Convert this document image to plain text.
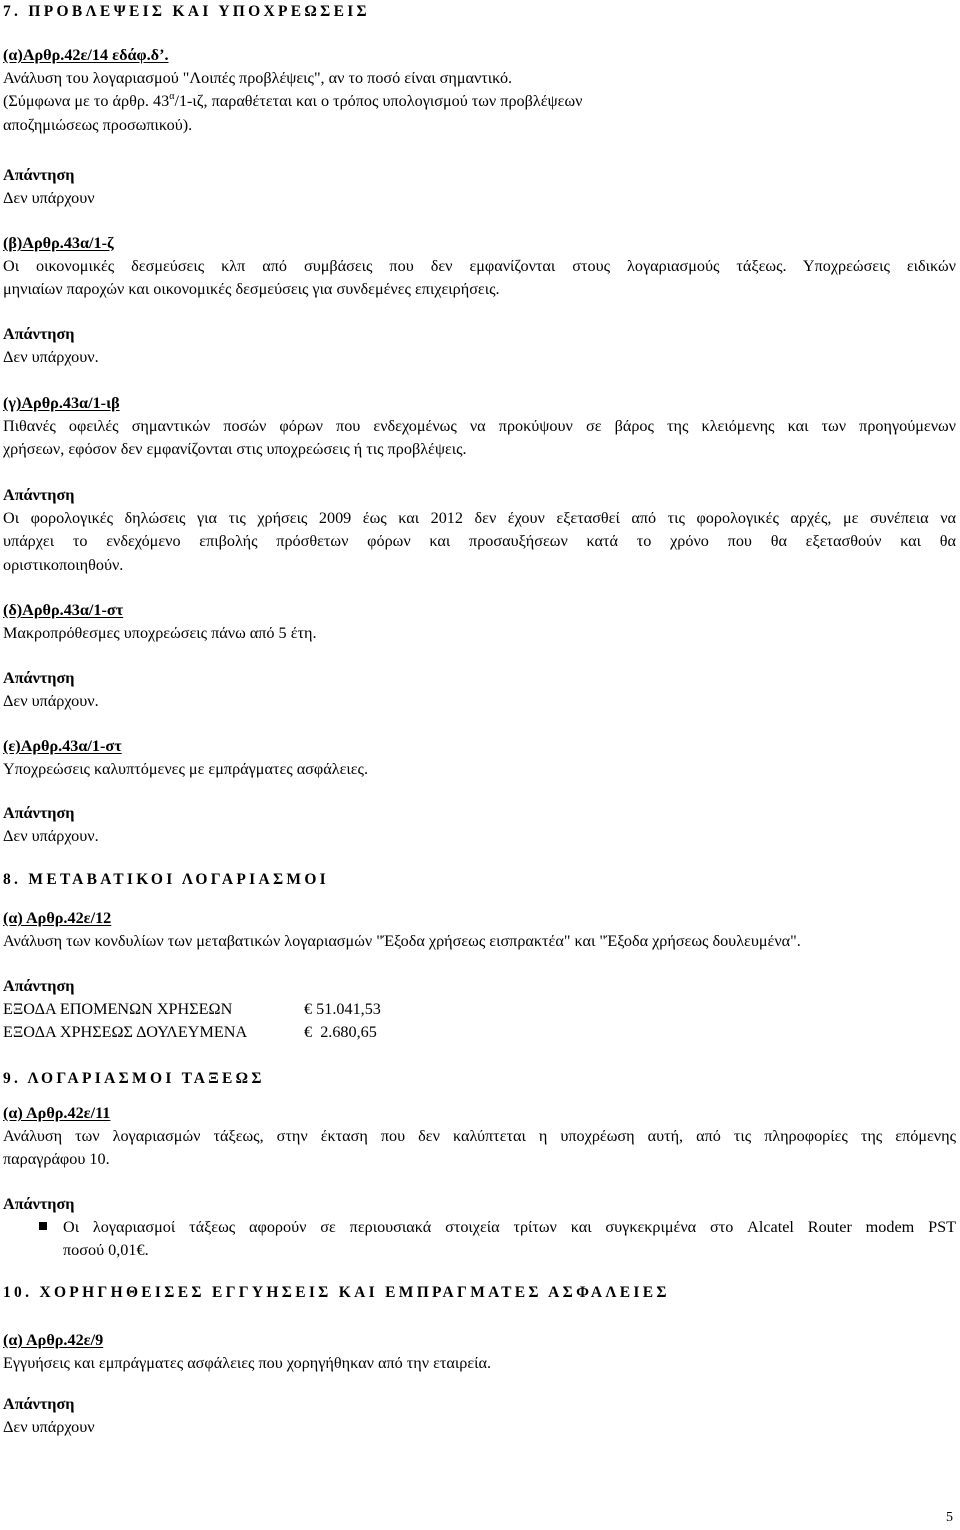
7. ΠΡΟΒΛΕΨΕΙΣ ΚΑΙ ΥΠΟΧΡΕΩΣΕΙΣ
(α)Αρθρ.42ε/14 εδάφ.δ’.
Ανάλυση του λογαριασμού "Λοιπές προβλέψεις", αν το ποσό είναι σημαντικό.
(Σύμφωνα με το άρθρ. $43^\alpha/1-\iota\zeta$, παραθέτεται και ο τρόπος υπολογισμού των προβλέψεων
αποζημιώσεως προσωπικού).
Απάντηση
Δεν υπάρχουν
(β)Αρθρ.43α/1-ζ
Οι οικονομικές δεσμεύσεις κλπ από συμβάσεις που δεν εμφανίζονται στους λογαριασμούς τάξεως. Υποχρεώσεις ειδικών
μηνιαίων παροχών και οικονομικές δεσμεύσεις για συνδεμένες επιχειρήσεις.
Απάντηση
Δεν υπάρχουν.
(γ)Αρθρ.43α/1-ιβ
Πιθανές οφειλές σημαντικών ποσών φόρων που ενδεχομένως να προκύψουν σε βάρος της κλειόμενης και των προηγούμενων
χρήσεων, εφόσον δεν εμφανίζονται στις υποχρεώσεις ή τις προβλέψεις.
Απάντηση
Οι φορολογικές δηλώσεις για τις χρήσεις 2009 έως και 2012 δεν έχουν εξετασθεί από τις φορολογικές αρχές, με συνέπεια να
υπάρχει το ενδεχόμενο επιβολής πρόσθετων φόρων και προσαυξήσεων κατά το χρόνο που θα εξετασθούν και θα
οριστικοποιηθούν.
(δ)Αρθρ.43α/1-στ
Μακροπρόθεσμες υποχρεώσεις πάνω από 5 έτη.
Απάντηση
Δεν υπάρχουν.
(ε)Αρθρ.43α/1-στ
Υποχρεώσεις καλυπτόμενες με εμπράγματες ασφάλειες.
Απάντηση
Δεν υπάρχουν.
8. ΜΕΤΑΒΑΤΙΚΟΙ ΛΟΓΑΡΙΑΣΜΟΙ
(α) Αρθρ.42ε/12
Ανάλυση των κονδυλίων των μεταβατικών λογαριασμών "Έξοδα χρήσεως εισπρακτέα" και "Έξοδα χρήσεως δουλευμένα".
Απάντηση
ΕΞΟΔΑ ΕΠΟΜΕΝΩΝ ΧΡΗΣΕΩΝ	€ 51.041,53
ΕΞΟΔΑ ΧΡΗΣΕΩΣ ΔΟΥΛΕΥΜΕΝΑ	€  2.680,65
9. ΛΟΓΑΡΙΑΣΜΟΙ ΤΑΞΕΩΣ
(α) Αρθρ.42ε/11
Ανάλυση των λογαριασμών τάξεως, στην έκταση που δεν καλύπτεται η υποχρέωση αυτή, από τις πληροφορίες της επόμενης
παραγράφου 10.
Απάντηση
Οι λογαριασμοί τάξεως αφορούν σε περιουσιακά στοιχεία τρίτων και συγκεκριμένα στο Alcatel Router modem PST
ποσού 0,01€.
10. ΧΟΡΗΓΗΘΕΙΣΕΣ ΕΓΓΥΗΣΕΙΣ ΚΑΙ ΕΜΠΡΑΓΜΑΤΕΣ ΑΣΦΑΛΕΙΕΣ
(α) Αρθρ.42ε/9
Εγγυήσεις και εμπράγματες ασφάλειες που χορηγήθηκαν από την εταιρεία.
Απάντηση
Δεν υπάρχουν
5
